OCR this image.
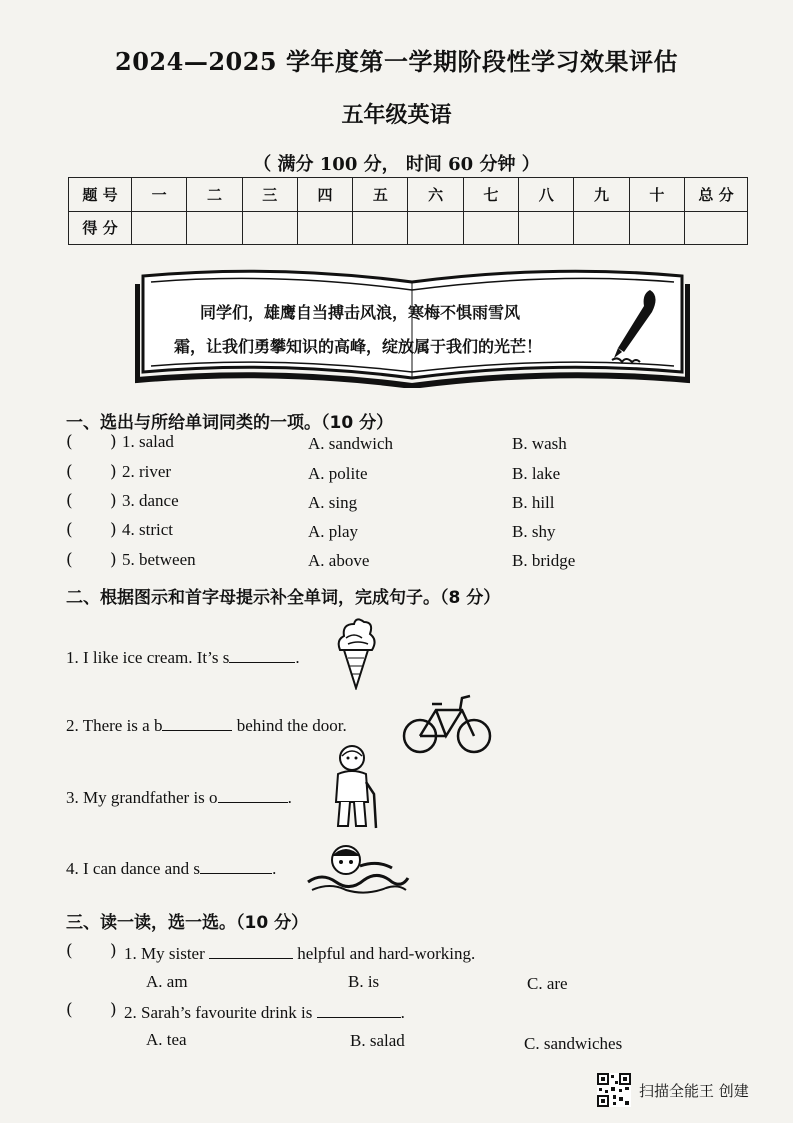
2024—2025 学年度第一学期阶段性学习效果评估
五年级英语
（ 满分 100 分， 时间 60 分钟 ）
题 号	一	二	三	四	五	六	七	八	九	十	总 分
得 分											
同学们，雄鹰自当搏击风浪，寒梅不惧雨雪风
霜，让我们勇攀知识的高峰，绽放属于我们的光芒！
一、选出与所给单词同类的一项。（10 分）
( ) 1. salad	A. sandwich	B. wash
( ) 2. river	A. polite	B. lake
( ) 3. dance	A. sing	B. hill
( ) 4. strict	A. play	B. shy
( ) 5. between	A. above	B. bridge
二、根据图示和首字母提示补全单词，完成句子。（8 分）
1. I like ice cream. It’s s	.
2. There is a b	behind the door.
3. My grandfather is o	.
4. I can dance and s	.
三、读一读，选一选。（10 分）
( ) 1. My sister	helpful and hard-working.
A. am	B. is	C. are
( ) 2. Sarah’s favourite drink is	.
A. tea	B. salad	C. sandwiches
扫描全能王 创建
